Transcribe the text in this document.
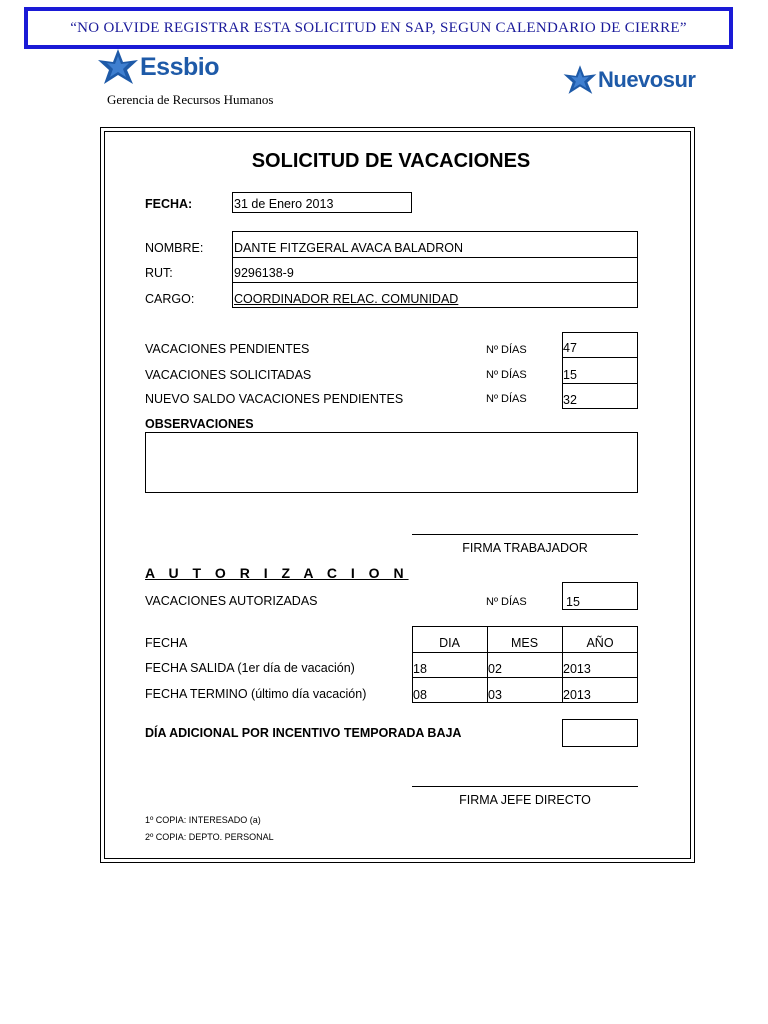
“NO OLVIDE REGISTRAR ESTA SOLICITUD EN SAP, SEGUN CALENDARIO DE CIERRE”
Essbio	Nuevosur
Gerencia de Recursos Humanos
SOLICITUD DE VACACIONES
FECHA:	31 de Enero 2013
NOMBRE: DANTE FITZGERAL AVACA BALADRON
RUT:	9296138-9
CARGO:	COORDINADOR RELAC. COMUNIDAD
VACACIONES PENDIENTES	Nº DÍAS	47
VACACIONES SOLICITADAS	Nº DÍAS	15
NUEVO SALDO VACACIONES PENDIENTES	Nº DÍAS	32
OBSERVACIONES
FIRMA TRABAJADOR
A U T O R I Z A C I O N
VACACIONES AUTORIZADAS	Nº DÍAS	15
FECHA	DIA	MES	AÑO
FECHA SALIDA (1er día de vacación)	18	02	2013
FECHA TERMINO (último día vacación)	08	03	2013
DÍA ADICIONAL POR INCENTIVO TEMPORADA BAJA
FIRMA JEFE DIRECTO
1º COPIA: INTERESADO (a)
2º COPIA: DEPTO. PERSONAL
